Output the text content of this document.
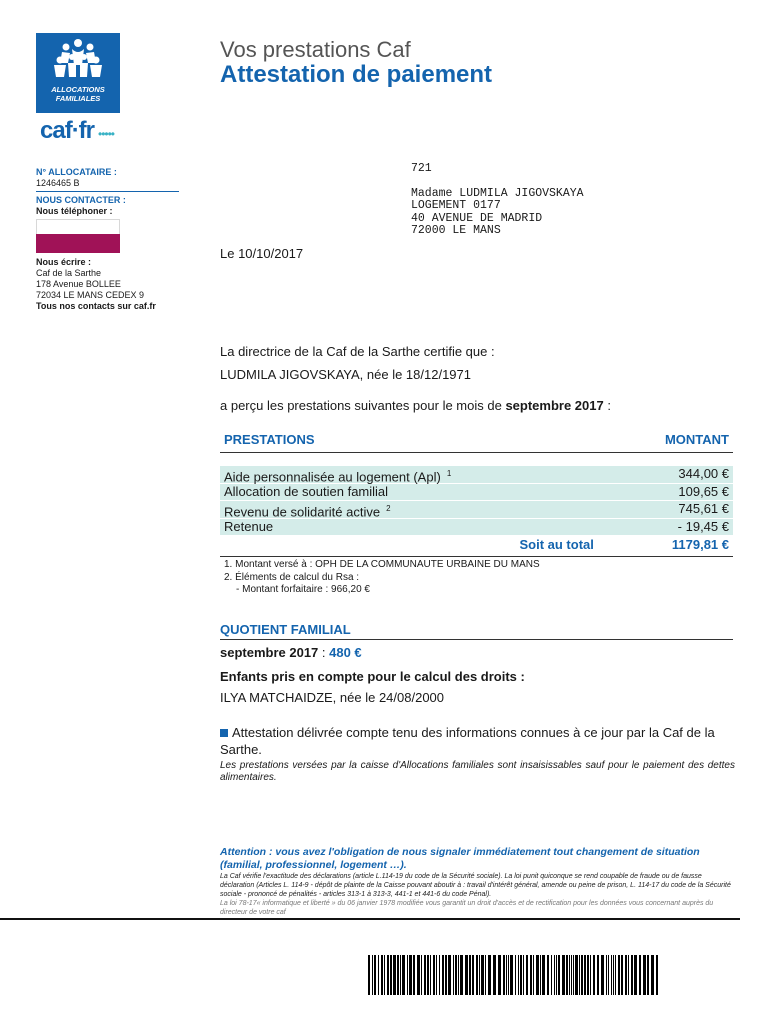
ALLOCATIONS
FAMILIALES
caf·fr •••••
Vos prestations Caf
Attestation de paiement
N° ALLOCATAIRE :
1246465 B
NOUS CONTACTER :
Nous téléphoner :
Nous écrire :
Caf de la Sarthe
178 Avenue BOLLEE
72034 LE MANS CEDEX 9
Tous nos contacts sur caf.fr
721
Madame LUDMILA JIGOVSKAYA
LOGEMENT 0177
40 AVENUE DE MADRID
72000 LE MANS
Le 10/10/2017
La directrice de la Caf de la Sarthe certifie que :
LUDMILA JIGOVSKAYA, née le 18/12/1971
a perçu les prestations suivantes pour le mois de septembre 2017 :
PRESTATIONS	MONTANT
Aide personnalisée au logement (Apl) $^1$	344,00 €
Allocation de soutien familial	109,65 €
Revenu de solidarité active $^2$	745,61 €
Retenue	- 19,45 €
Soit au total	1179,81 €
1. Montant versé à : OPH DE LA COMMUNAUTE URBAINE DU MANS
2. Éléments de calcul du Rsa :
- Montant forfaitaire : 966,20 €
QUOTIENT FAMILIAL
septembre 2017 : 480 €
Enfants pris en compte pour le calcul des droits :
ILYA MATCHAIDZE, née le 24/08/2000
Attestation délivrée compte tenu des informations connues à ce jour par la Caf de la Sarthe.
Les prestations versées par la caisse d'Allocations familiales sont insaisissables sauf pour le paiement des dettes alimentaires.
Attention : vous avez l'obligation de nous signaler immédiatement tout changement de situation (familial, professionnel, logement …).
La Caf vérifie l'exactitude des déclarations (article L.114-19 du code de la Sécurité sociale). La loi punit quiconque se rend coupable de fraude ou de fausse déclaration (Articles L. 114-9 - dépôt de plainte de la Caisse pouvant aboutir à : travail d'intérêt général, amende ou peine de prison, L. 114-17 du code de la Sécurité sociale - prononcé de pénalités - articles 313-1 à 313-3, 441-1 et 441-6 du code Pénal).
La loi 78-17« informatique et liberté » du 06 janvier 1978 modifiée vous garantit un droit d'accès et de rectification pour les données vous concernant auprès du directeur de votre caf
